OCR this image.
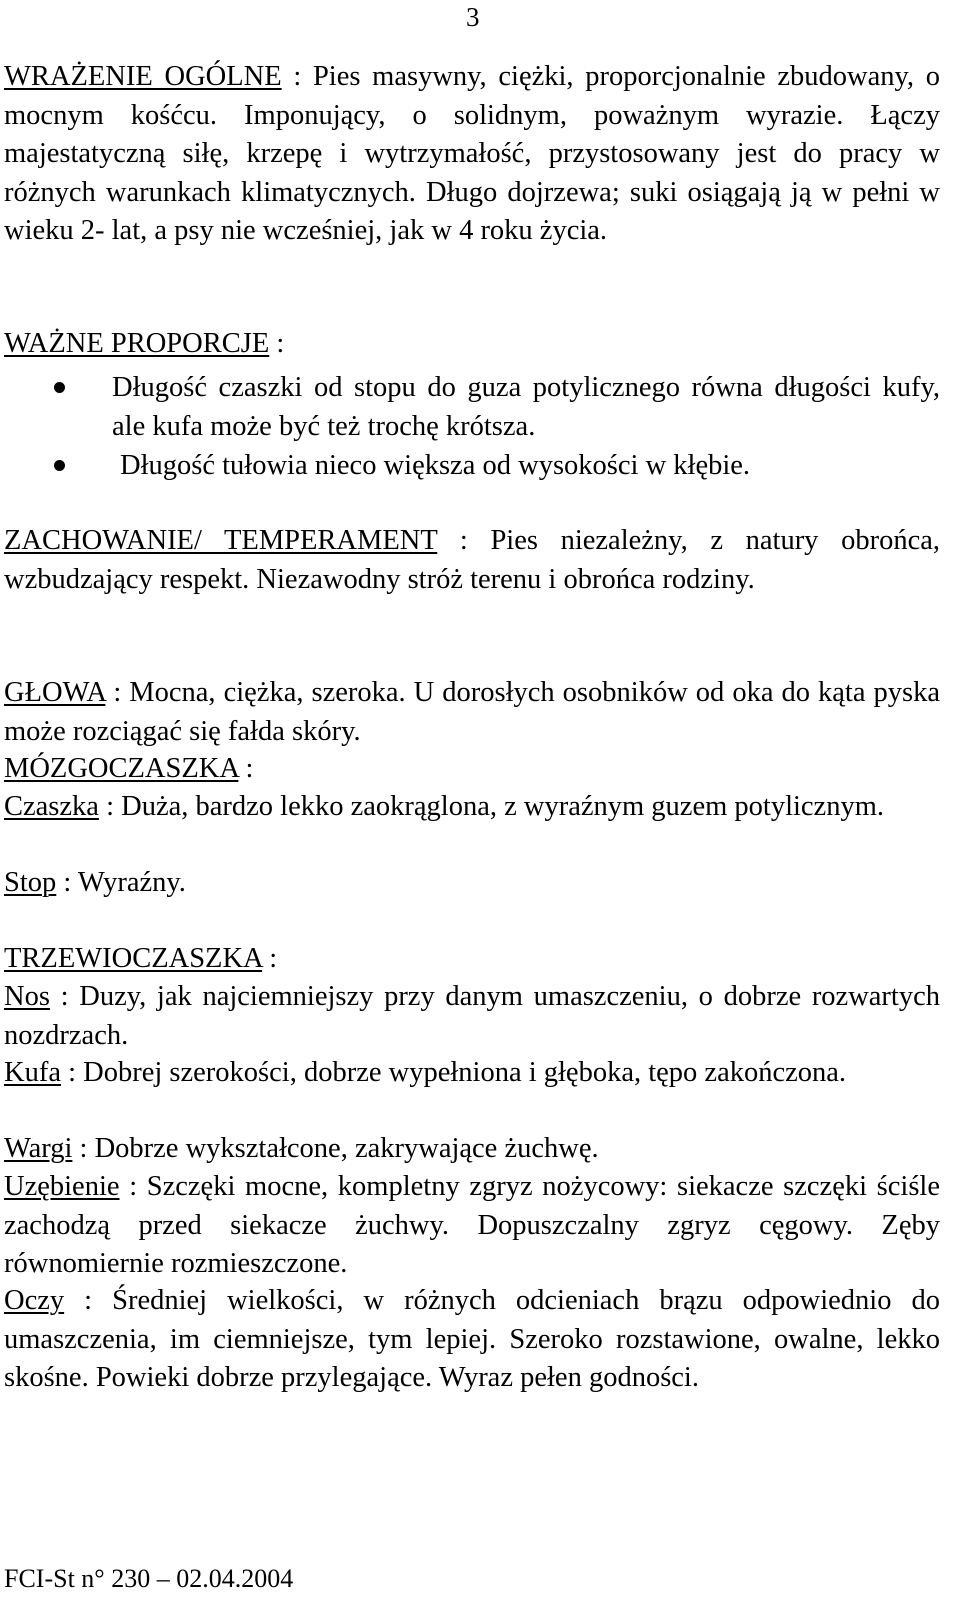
3

WRAŻENIE OGÓLNE : Pies masywny, ciężki, proporcjonalnie zbudowany, o mocnym kośćcu. Imponujący, o solidnym, poważnym wyrazie. Łączy majestatyczną siłę, krzepę i wytrzymałość, przystosowany jest do pracy w różnych warunkach klimatycznych. Długo dojrzewa; suki osiągają ją w pełni w wieku 2- lat, a psy nie wcześniej, jak w 4 roku życia.

WAŻNE PROPORCJE :

Długość czaszki od stopu do guza potylicznego równa długości kufy, ale kufa może być też trochę krótsza.
Długość tułowia nieco większa od wysokości w kłębie.

ZACHOWANIE/ TEMPERAMENT : Pies niezależny, z natury obrońca, wzbudzający respekt. Niezawodny stróż terenu i obrońca rodziny.

GŁOWA : Mocna, ciężka, szeroka. U dorosłych osobników od oka do kąta pyska może rozciągać się fałda skóry.

MÓZGOCZASZKA :

Czaszka : Duża, bardzo lekko zaokrąglona, z wyraźnym guzem potylicznym.

Stop : Wyraźny.

TRZEWIOCZASZKA :

Nos : Duzy, jak najciemniejszy przy danym umaszczeniu, o dobrze rozwartych nozdrzach.

Kufa : Dobrej szerokości, dobrze wypełniona i głęboka, tępo zakończona.

Wargi : Dobrze wykształcone, zakrywające żuchwę.

Uzębienie : Szczęki mocne, kompletny zgryz nożycowy: siekacze szczęki ściśle zachodzą przed siekacze żuchwy. Dopuszczalny zgryz cęgowy. Zęby równomiernie rozmieszczone.

Oczy : Średniej wielkości, w różnych odcieniach brązu odpowiednio do umaszczenia, im ciemniejsze, tym lepiej. Szeroko rozstawione, owalne, lekko skośne. Powieki dobrze przylegające. Wyraz pełen godności.

FCI-St n° 230 – 02.04.2004
